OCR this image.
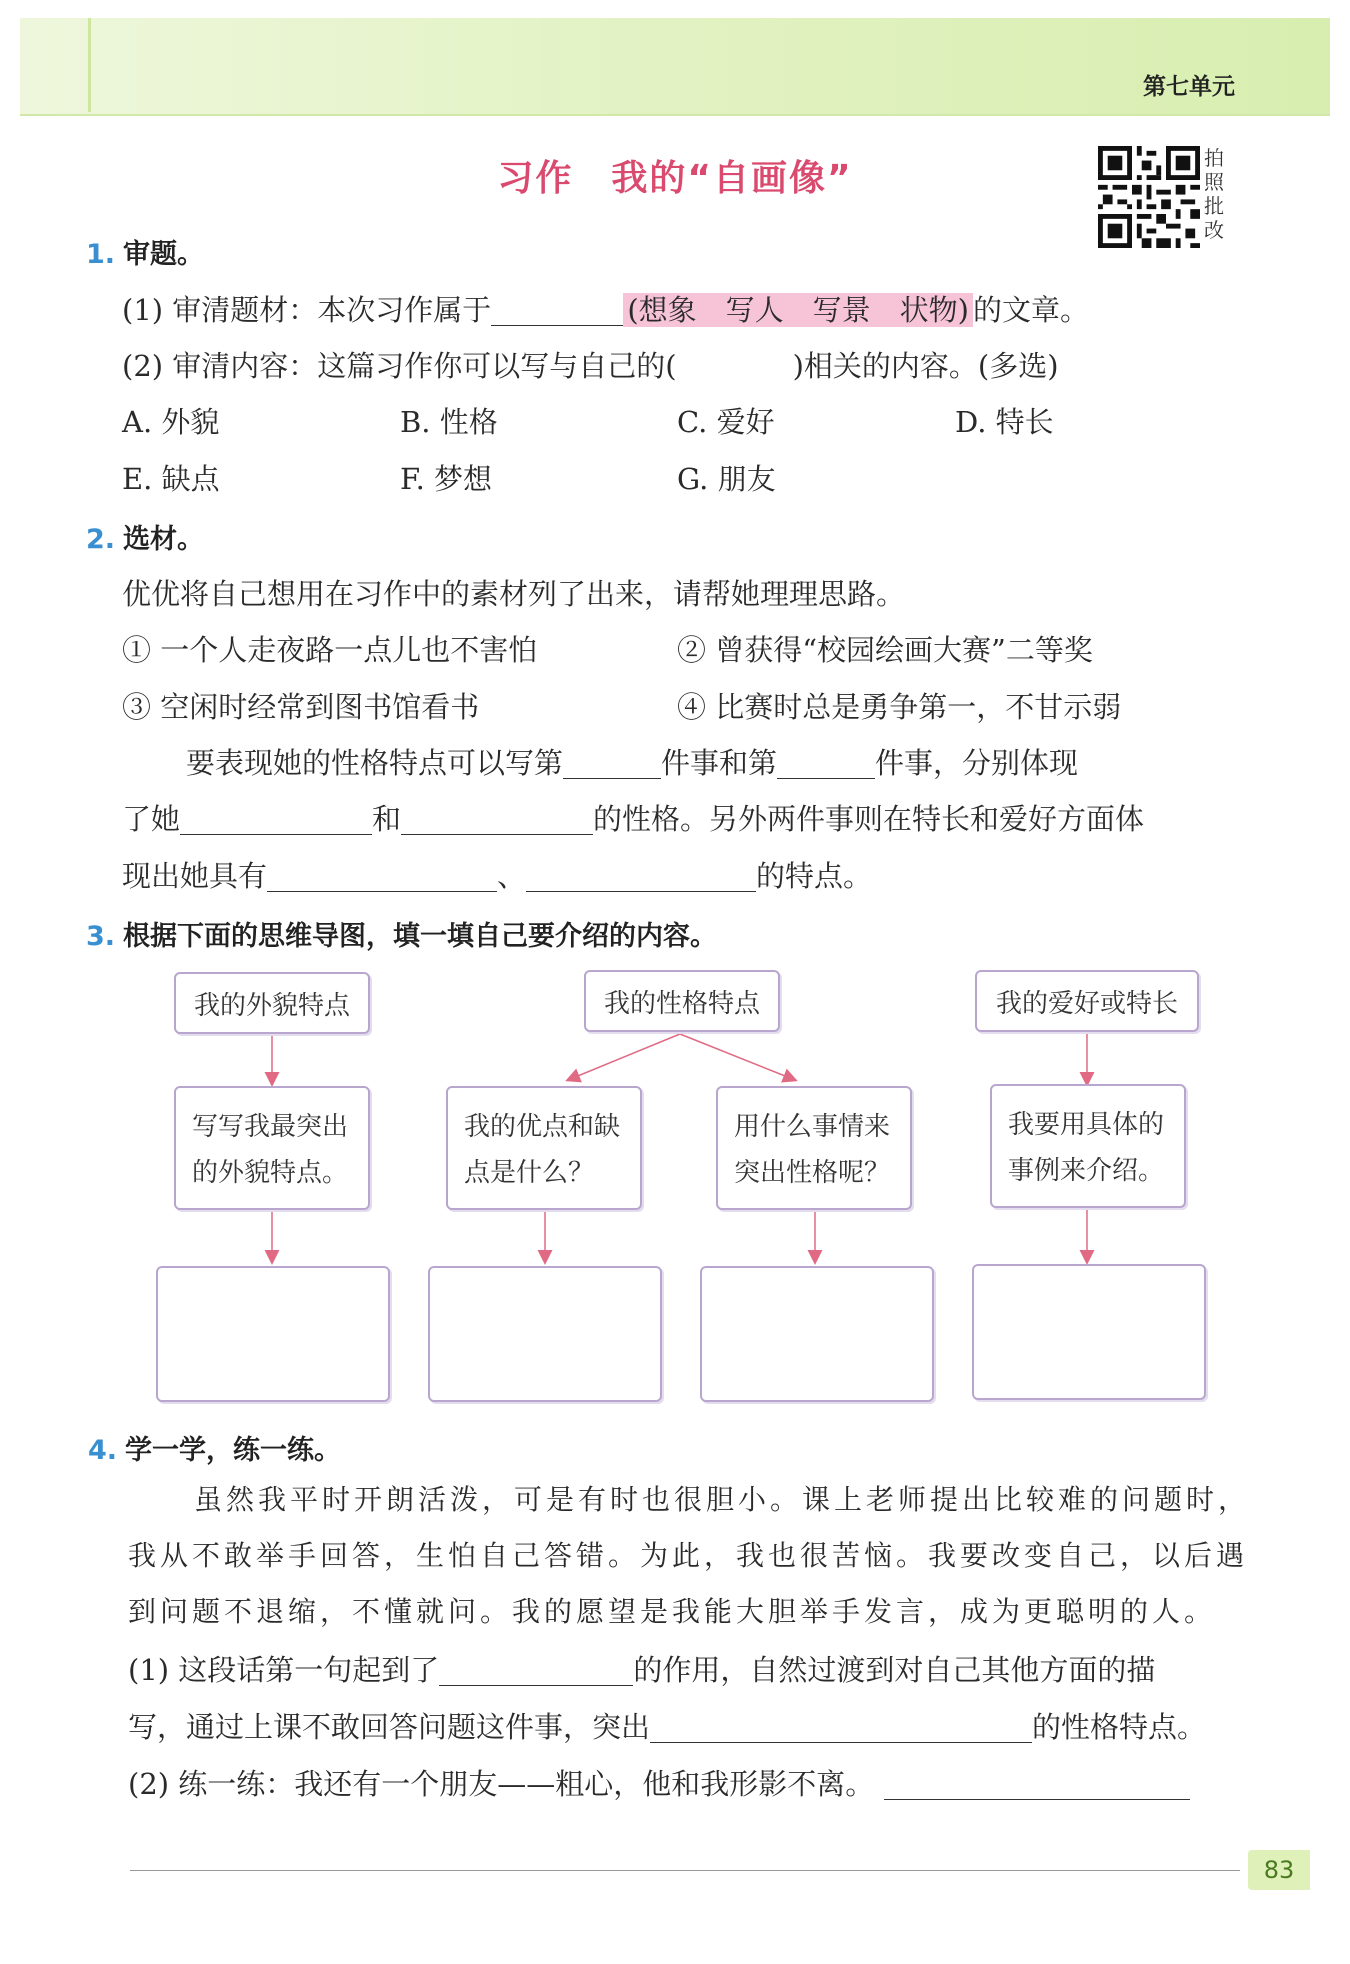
第七单元
习作　我的“自画像”	拍
照
批
改
1. 审题。
(1) 审清题材：本次习作属于	(想象　写人　写景　状物) 的文章。
(2) 审清内容：这篇习作你可以写与自己的(　　　　)相关的内容。(多选)
A. 外貌	B. 性格	C. 爱好	D. 特长
E. 缺点	F. 梦想	G. 朋友
2. 选材。
优优将自己想用在习作中的素材列了出来，请帮她理理思路。
① 一个人走夜路一点儿也不害怕	② 曾获得“校园绘画大赛”二等奖
③ 空闲时经常到图书馆看书	④ 比赛时总是勇争第一，不甘示弱
要表现她的性格特点可以写第	件事和第	件事，分别体现
了她	和	的性格。另外两件事则在特长和爱好方面体
现出她具有	、	的特点。
3. 根据下面的思维导图，填一填自己要介绍的内容。
我的外貌特点	我的性格特点	我的爱好或特长
写写我最突出
的外貌特点。
我的优点和缺
点是什么？
用什么事情来
突出性格呢？
我要用具体的
事例来介绍。
4. 学一学，练一练。
虽然我平时开朗活泼，可是有时也很胆小。课上老师提出比较难的问题时，
我从不敢举手回答，生怕自己答错。为此，我也很苦恼。我要改变自己，以后遇
到问题不退缩，不懂就问。我的愿望是我能大胆举手发言，成为更聪明的人。
(1) 这段话第一句起到了	的作用，自然过渡到对自己其他方面的描
写，通过上课不敢回答问题这件事，突出	的性格特点。
(2) 练一练：我还有一个朋友——粗心，他和我形影不离。
83
